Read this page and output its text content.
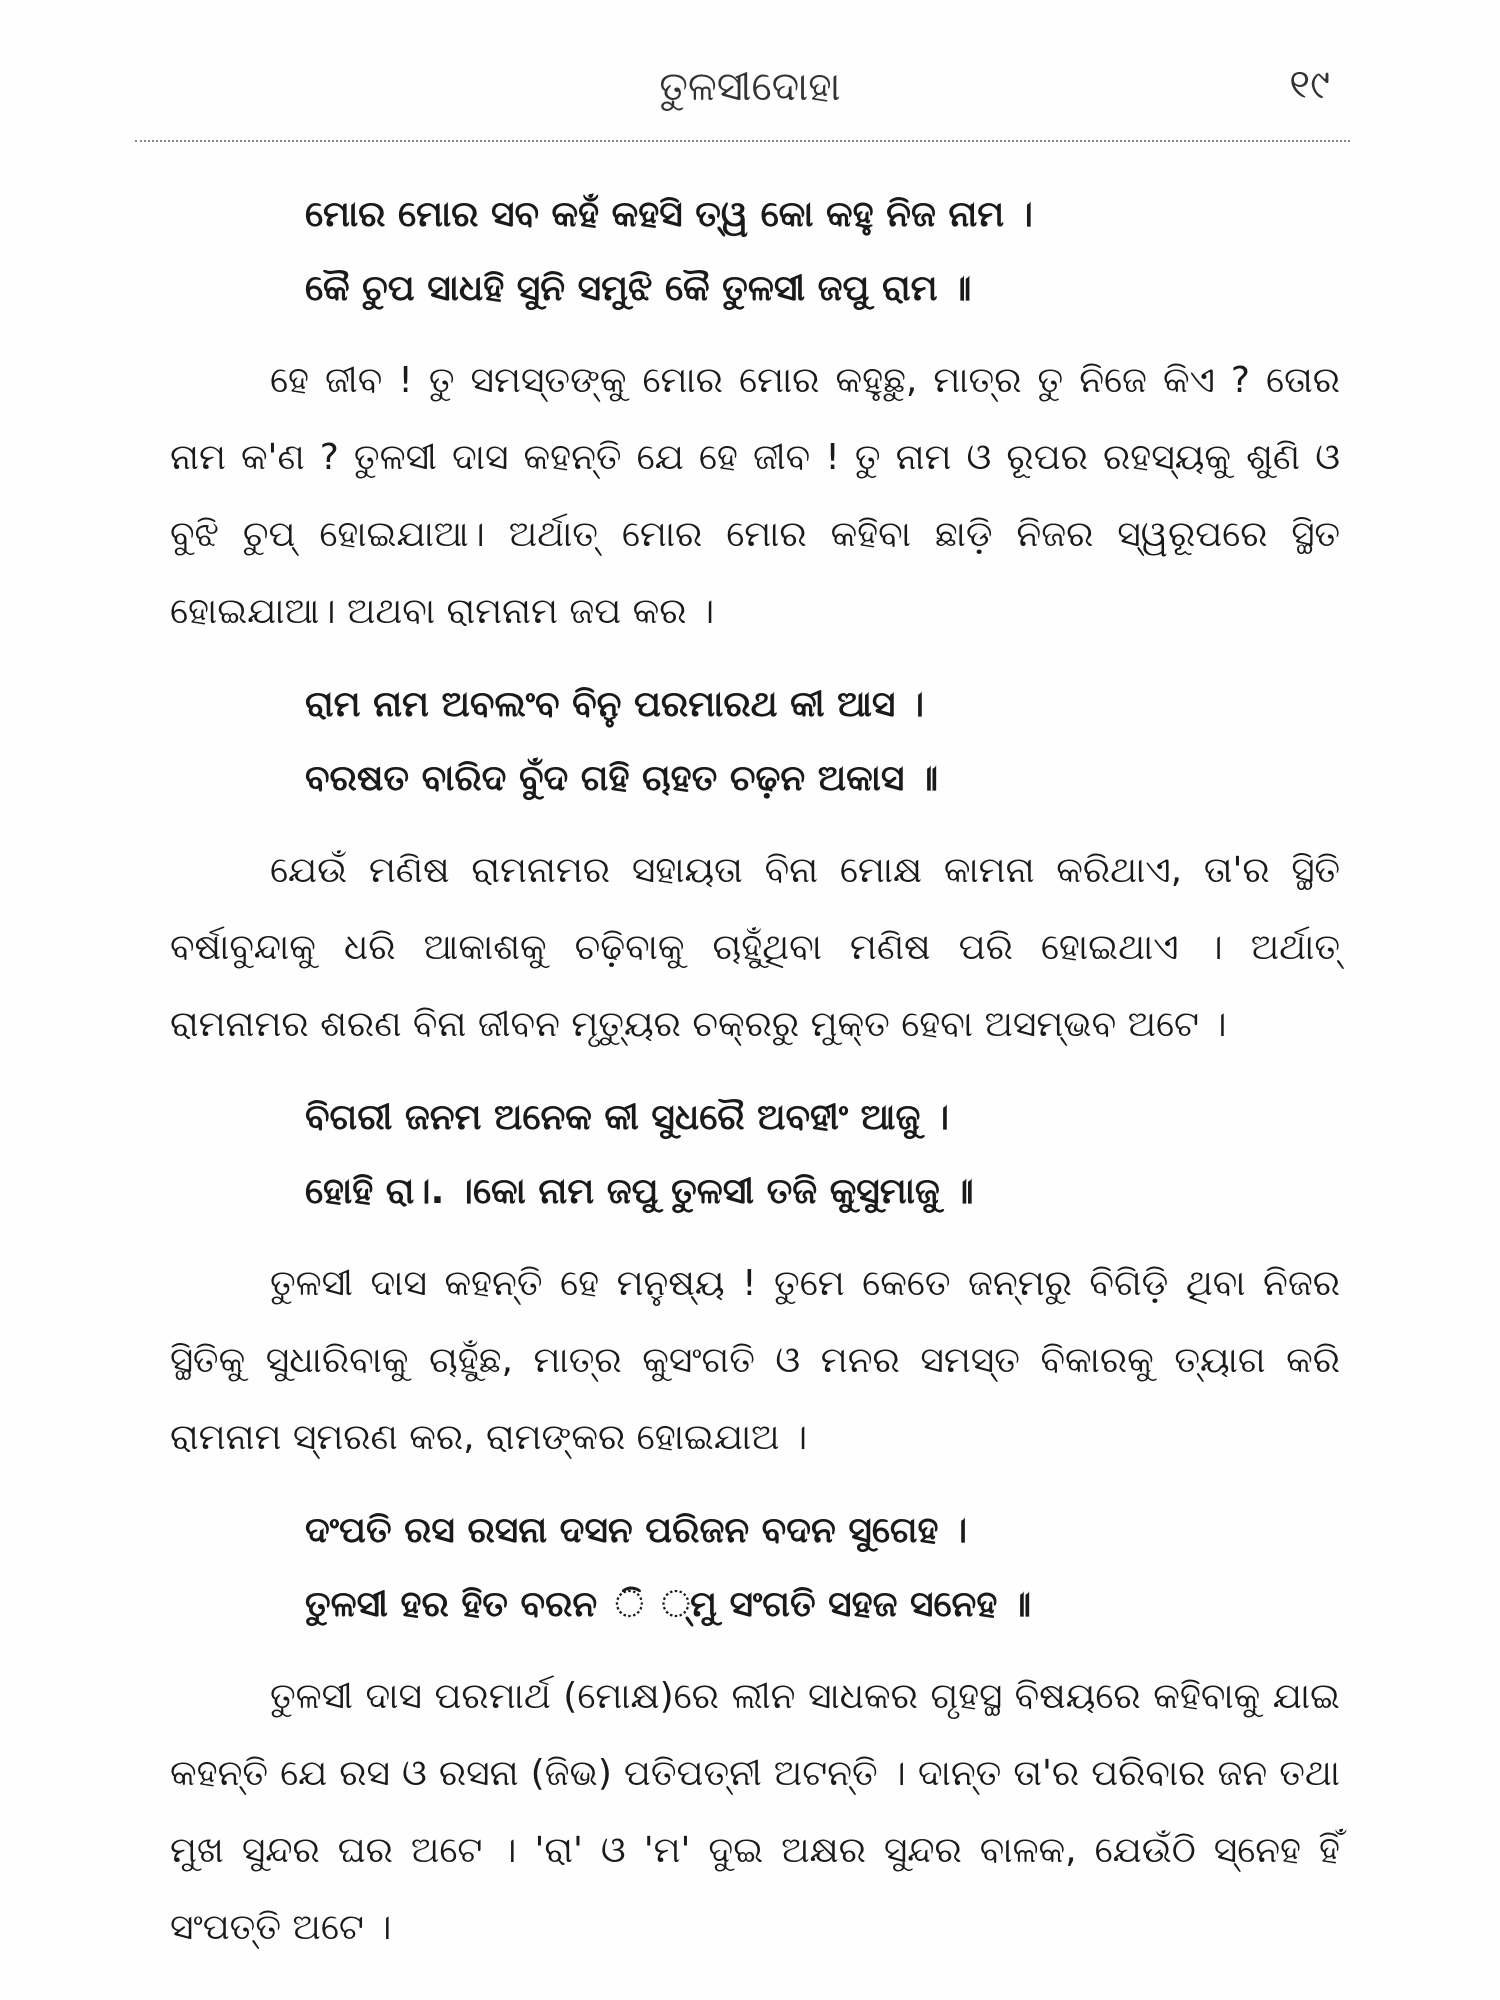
ତୁଳସୀଦୋହା	୧୯

ମୋର ମୋର ସବ କହଁ କହସି ତ୍ୱ କୋ କହୁ ନିଜ ନାମ ।

କୈ ଚୁପ ସାଧହି ସୁନି ସମୁଝି କୈ ତୁଳସୀ ଜପୁ ରାମ ॥

ହେ ଜୀବ ! ତୁ ସମସ୍ତଙ୍କୁ ମୋର ମୋର କହୁଛୁ, ମାତ୍ର ତୁ ନିଜେ କିଏ ? ତୋର ନାମ କ'ଣ ? ତୁଳସୀ ଦାସ କହନ୍ତି ଯେ ହେ ଜୀବ ! ତୁ ନାମ ଓ ରୂପର ରହସ୍ୟକୁ ଶୁଣି ଓ ବୁଝି ଚୁପ୍ ହୋଇଯାଆ। ଅର୍ଥାତ୍ ମୋର ମୋର କହିବା ଛାଡ଼ି ନିଜର ସ୍ୱରୂପରେ ସ୍ଥିତ ହୋଇଯାଆ। ଅଥବା ରାମନାମ ଜପ କର ।

ରାମ ନାମ ଅବଲଂବ ବିନୁ ପରମାରଥ କୀ ଆସ ।

ବରଷତ ବାରିଦ ବୁଁଦ ଗହି ଚାହତ ଚଢ଼ନ ଅକାସ ॥

ଯେଉଁ ମଣିଷ ରାମନାମର ସହାୟତା ବିନା ମୋକ୍ଷ କାମନା କରିଥାଏ, ତା'ର ସ୍ଥିତି ବର୍ଷାବୁନ୍ଦାକୁ ଧରି ଆକାଶକୁ ଚଢ଼ିବାକୁ ଚାହୁଁଥିବା ମଣିଷ ପରି ହୋଇଥାଏ । ଅର୍ଥାତ୍ ରାମନାମର ଶରଣ ବିନା ଜୀବନ ମୃତ୍ୟୁର ଚକ୍ରରୁ ମୁକ୍ତ ହେବା ଅସମ୍ଭବ ଅଟେ ।

ବିଗରୀ ଜନମ ଅନେକ କୀ ସୁଧରୈ ଅବହୀଂ ଆଜୁ ।

ହୋହି ରା।. ।କୋ ନାମ ଜପୁ ତୁଳସୀ ତଜି କୁସୁମାଜୁ ॥

ତୁଳସୀ ଦାସ କହନ୍ତି ହେ ମନୁଷ୍ୟ ! ତୁମେ କେତେ ଜନ୍ମରୁ ବିଗିଡ଼ି ଥିବା ନିଜର ସ୍ଥିତିକୁ ସୁଧାରିବାକୁ ଚାହୁଁଛ, ମାତ୍ର କୁସଂଗତି ଓ ମନର ସମସ୍ତ ବିକାରକୁ ତ୍ୟାଗ କରି ରାମନାମ ସ୍ମରଣ କର, ରାମଙ୍କର ହୋଇଯାଅ ।

ଦଂପତି ରସ ରସନା ଦସନ ପରିଜନ ବଦନ ସୁଗେହ ।

ତୁଳସୀ ହର ହିତ ବରନ ି ୍ମୁ ସଂଗତି ସହଜ ସନେହ ॥

ତୁଳସୀ ଦାସ ପରମାର୍ଥ (ମୋକ୍ଷ)ରେ ଲୀନ ସାଧକର ଗୃହସ୍ଥ ବିଷୟରେ କହିବାକୁ ଯାଇ କହନ୍ତି ଯେ ରସ ଓ ରସନା (ଜିଭ) ପତିପତ୍ନୀ ଅଟନ୍ତି । ଦାନ୍ତ ତା'ର ପରିବାର ଜନ ତଥା ମୁଖ ସୁନ୍ଦର ଘର ଅଟେ । 'ରା' ଓ 'ମ' ଦୁଇ ଅକ୍ଷର ସୁନ୍ଦର ବାଳକ, ଯେଉଁଠି ସ୍ନେହ ହିଁ ସଂପତ୍ତି ଅଟେ ।
